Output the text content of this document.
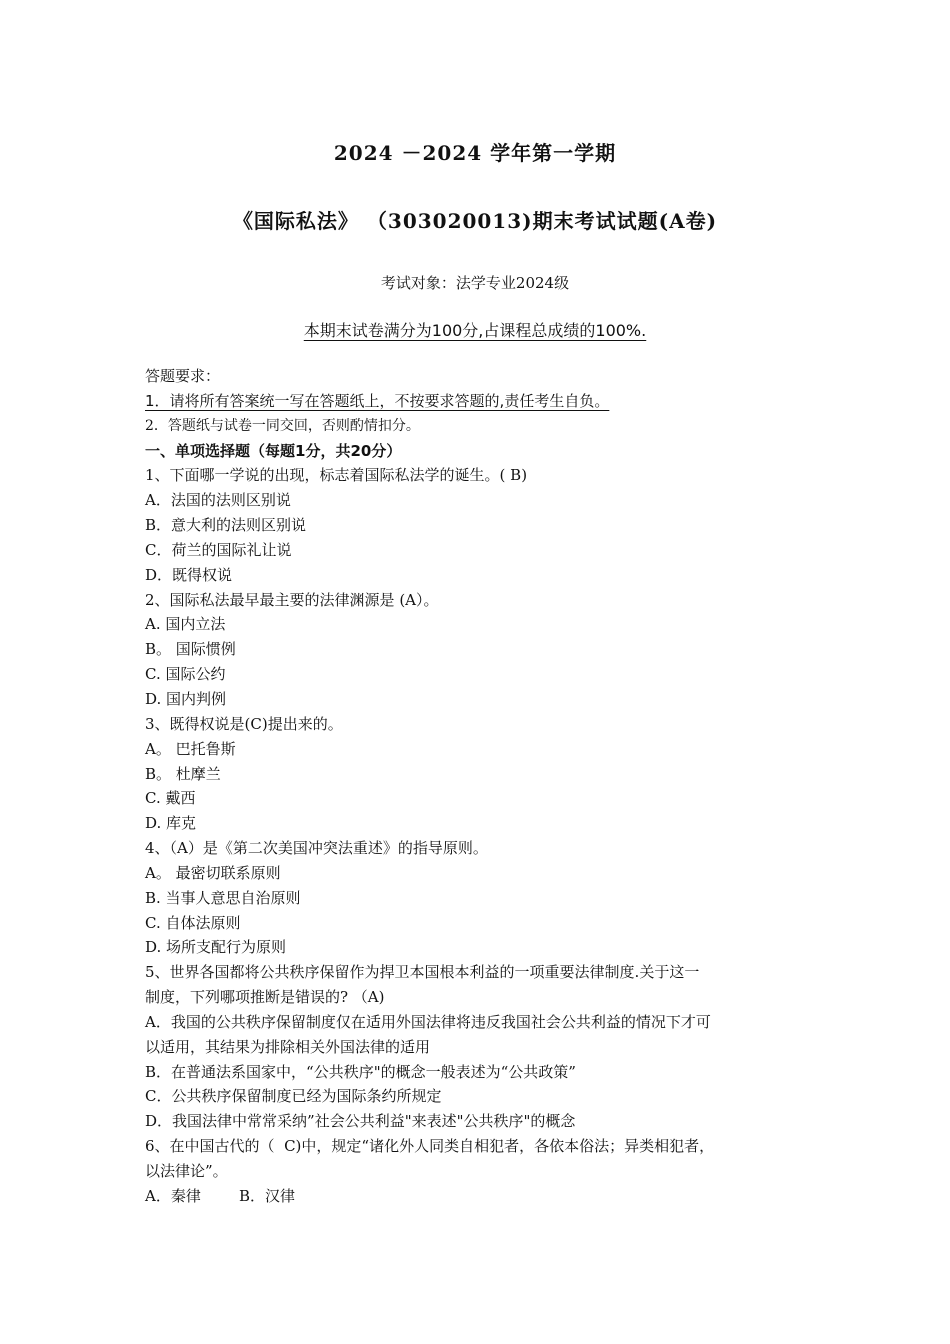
2024 －2024 学年第一学期
《国际私法》 （303020013)期末考试试题(A卷)
考试对象：法学专业2024级
本期末试卷满分为100分,占课程总成绩的100%.
答题要求：
1．请将所有答案统一写在答题纸上，不按要求答题的,责任考生自负。
2．答题纸与试卷一同交回，否则酌情扣分。
一、单项选择题（每题1分，共20分）
1、下面哪一学说的出现，标志着国际私法学的诞生。( B)
A．法国的法则区别说
B．意大利的法则区别说
C．荷兰的国际礼让说
D．既得权说
2、国际私法最早最主要的法律渊源是 (A）。
A. 国内立法
B。 国际惯例
C. 国际公约
D. 国内判例
3、既得权说是(C)提出来的。
A。 巴托鲁斯
B。 杜摩兰
C. 戴西
D. 库克
4、（A）是《第二次美国冲突法重述》的指导原则。
A。 最密切联系原则
B. 当事人意思自治原则
C. 自体法原则
D. 场所支配行为原则
5、世界各国都将公共秩序保留作为捍卫本国根本利益的一项重要法律制度.关于这一
制度，下列哪项推断是错误的? （A)
A．我国的公共秩序保留制度仅在适用外国法律将违反我国社会公共利益的情况下才可
以适用，其结果为排除相关外国法律的适用
B．在普通法系国家中，“公共秩序"的概念一般表述为“公共政策”
C．公共秩序保留制度已经为国际条约所规定
D．我国法律中常常采纳”社会公共利益"来表述"公共秩序"的概念
6、在中国古代的（  C)中，规定“诸化外人同类自相犯者，各依本俗法；异类相犯者，
以法律论”。
A．秦律        B．汉律
